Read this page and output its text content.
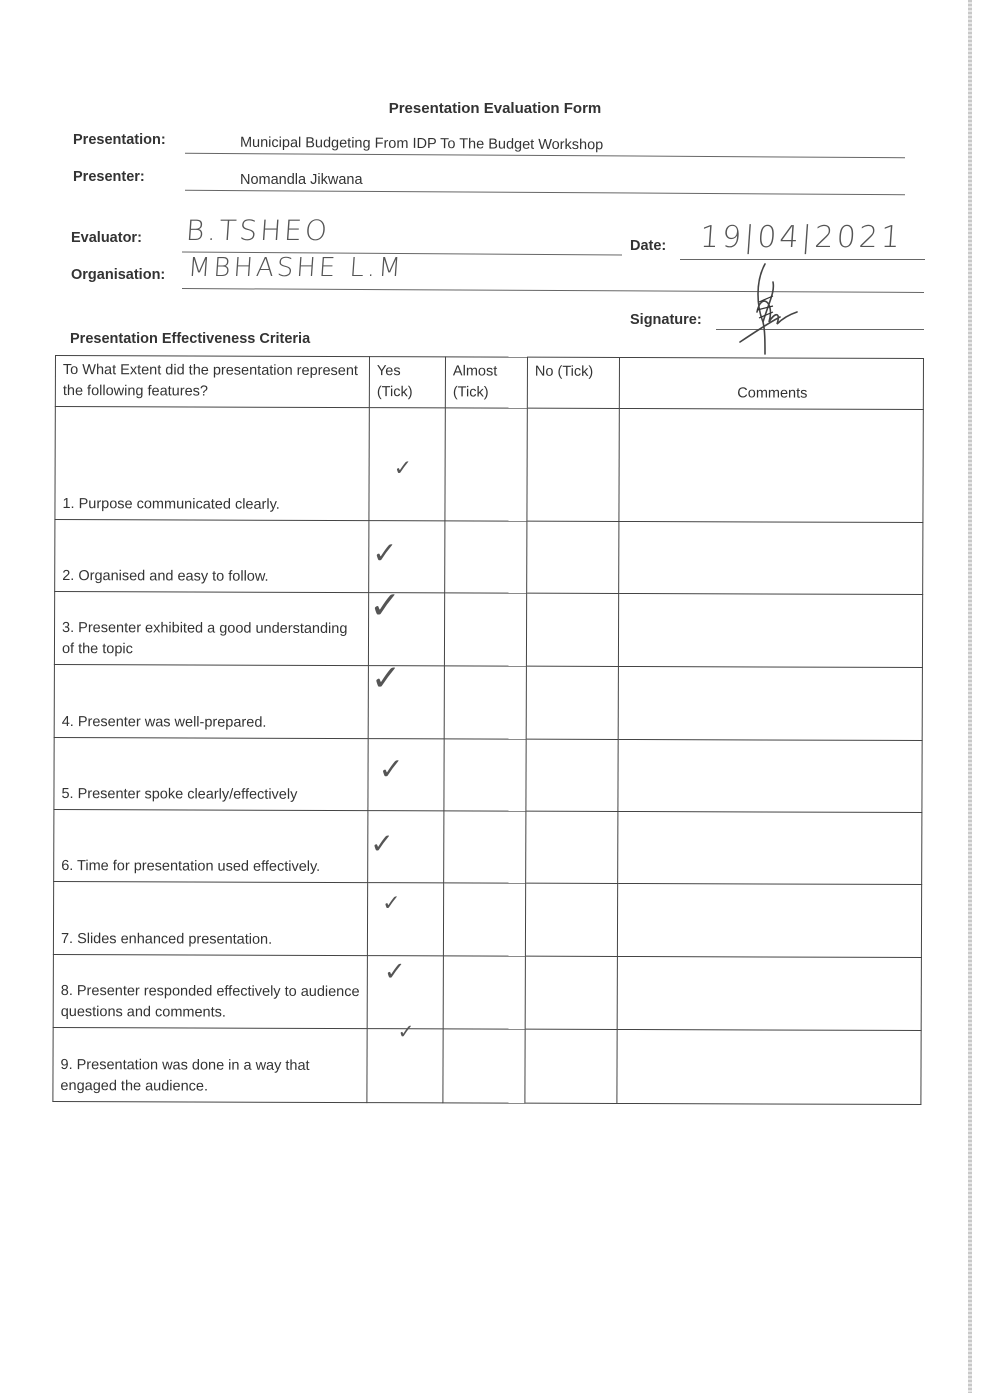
Presentation Evaluation Form
Presentation:	Municipal Budgeting From IDP To The Budget Workshop
Presenter:	Nomandla Jikwana
Evaluator: B.TSHEO	Date: 19|04|2021
Organisation: MBHASHE L.M
Signature:
Presentation Effectiveness Criteria
To What Extent did the presentation represent the following features?	Yes (Tick)	Almost (Tick)	No (Tick)	Comments
1. Purpose communicated clearly.	✓			

2. Organised and easy to follow.	✓			

3. Presenter exhibited a good understanding of the topic	✓			

4. Presenter was well-prepared.	✓			

5. Presenter spoke clearly/effectively	✓			

6. Time for presentation used effectively.	✓			

7. Slides enhanced presentation.	✓			

8. Presenter responded effectively to audience questions and comments.	✓			

9. Presentation was done in a way that engaged the audience.	✓			
